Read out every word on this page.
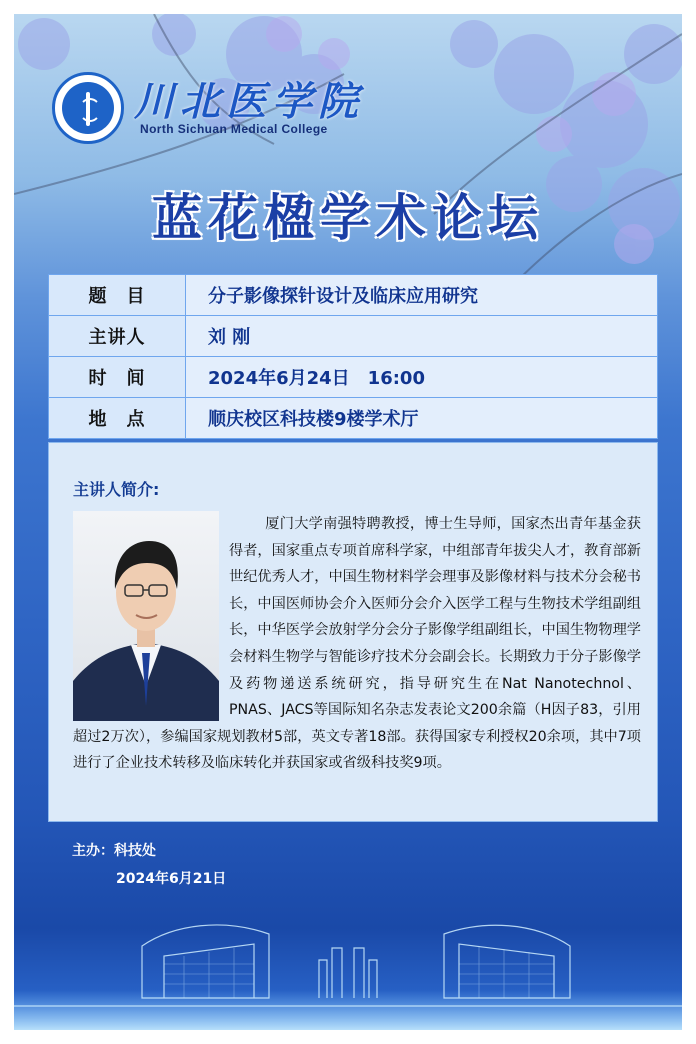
川北医学院
North Sichuan Medical College
蓝花楹学术论坛
题　目	分子影像探针设计及临床应用研究
主讲人	刘 刚
时　间	2024年6月24日　16:00
地　点	顺庆校区科技楼9楼学术厅
主讲人简介:
厦门大学南强特聘教授，博士生导师，国家杰出青年基金获得者，国家重点专项首席科学家，中组部青年拔尖人才，教育部新世纪优秀人才，中国生物材料学会理事及影像材料与技术分会秘书长，中国医师协会介入医师分会介入医学工程与生物技术学组副组长，中华医学会放射学分会分子影像学组副组长，中国生物物理学会材料生物学与智能诊疗技术分会副会长。长期致力于分子影像学及药物递送系统研究，指导研究生在Nat Nanotechnol、PNAS、JACS等国际知名杂志发表论文200余篇（H因子83，引用超过2万次），参编国家规划教材5部，英文专著18部。获得国家专利授权20余项，其中7项进行了企业技术转移及临床转化并获国家或省级科技奖9项。
主办：科技处
2024年6月21日
